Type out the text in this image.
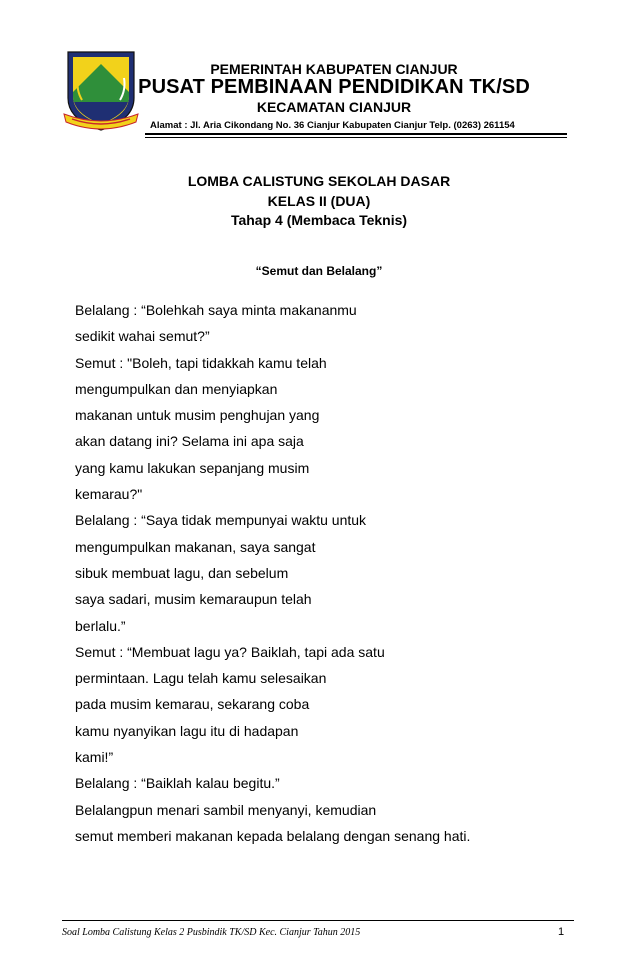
PEMERINTAH KABUPATEN CIANJUR
PUSAT PEMBINAAN PENDIDIKAN TK/SD
KECAMATAN CIANJUR
Alamat : Jl. Aria Cikondang No. 36 Cianjur Kabupaten Cianjur Telp. (0263) 261154
LOMBA CALISTUNG SEKOLAH DASAR
KELAS II (DUA)
Tahap 4 (Membaca Teknis)
“Semut dan Belalang”
Belalang : “Bolehkah saya minta makananmu
sedikit wahai semut?”
Semut : "Boleh, tapi tidakkah kamu telah
mengumpulkan dan menyiapkan
makanan untuk musim penghujan yang
akan datang ini? Selama ini apa saja
yang kamu lakukan sepanjang musim
kemarau?"
Belalang : “Saya tidak mempunyai waktu untuk
mengumpulkan makanan, saya sangat
sibuk membuat lagu, dan sebelum
saya sadari, musim kemaraupun telah
berlalu.”
Semut : “Membuat lagu ya? Baiklah, tapi ada satu
permintaan. Lagu telah kamu selesaikan
pada musim kemarau, sekarang coba
kamu nyanyikan lagu itu di hadapan
kami!”
Belalang : “Baiklah kalau begitu.”
Belalangpun menari sambil menyanyi, kemudian
semut memberi makanan kepada belalang dengan senang hati.
Soal Lomba Calistung Kelas 2 Pusbindik TK/SD Kec. Cianjur Tahun 2015	1
